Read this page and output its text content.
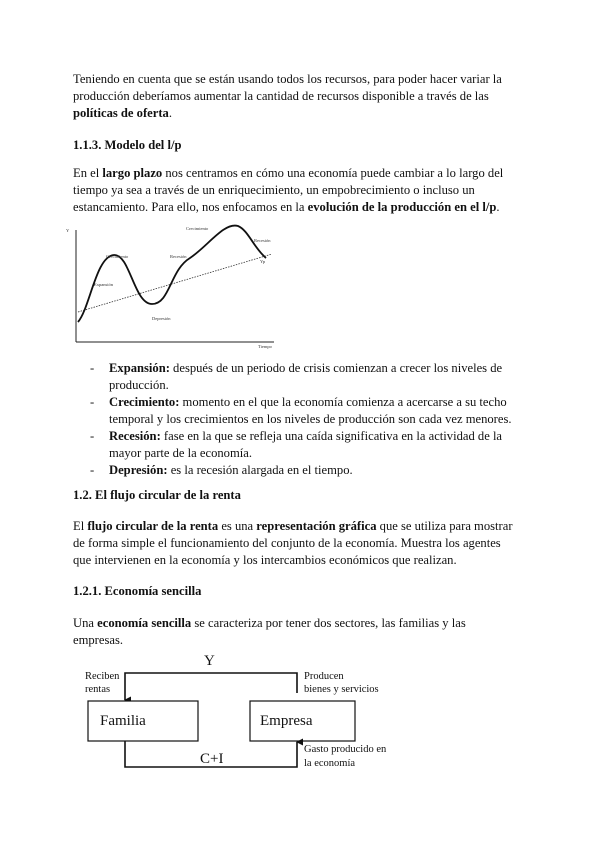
Teniendo en cuenta que se están usando todos los recursos, para poder hacer variar la producción deberíamos aumentar la cantidad de recursos disponible a través de las políticas de oferta.

1.1.3. Modelo del l/p

En el largo plazo nos centramos en cómo una economía puede cambiar a lo largo del tiempo ya sea a través de un enriquecimiento, un empobrecimiento o incluso un estancamiento. Para ello, nos enfocamos en la evolución de la producción en el l/p.

Y
Tiempo
Yp
Expansión
Crecimiento	Recesión
Depresión
Crecimiento
Recesión
- Expansión: después de un periodo de crisis comienzan a crecer los niveles de producción.
- Crecimiento: momento en el que la economía comienza a acercarse a su techo temporal y los crecimientos en los niveles de producción son cada vez menores.
- Recesión: fase en la que se refleja una caída significativa en la actividad de la mayor parte de la economía.
- Depresión: es la recesión alargada en el tiempo.

1.2. El flujo circular de la renta

El flujo circular de la renta es una representación gráfica que se utiliza para mostrar de forma simple el funcionamiento del conjunto de la economía. Muestra los agentes que intervienen en la economía y los intercambios económicos que realizan.

1.2.1. Economía sencilla

Una economía sencilla se caracteriza por tener dos sectores, las familias y las empresas.

Y
Familia	Empresa
C+I
Reciben
rentas
Producen
bienes y servicios
Gasto producido en
la economía
